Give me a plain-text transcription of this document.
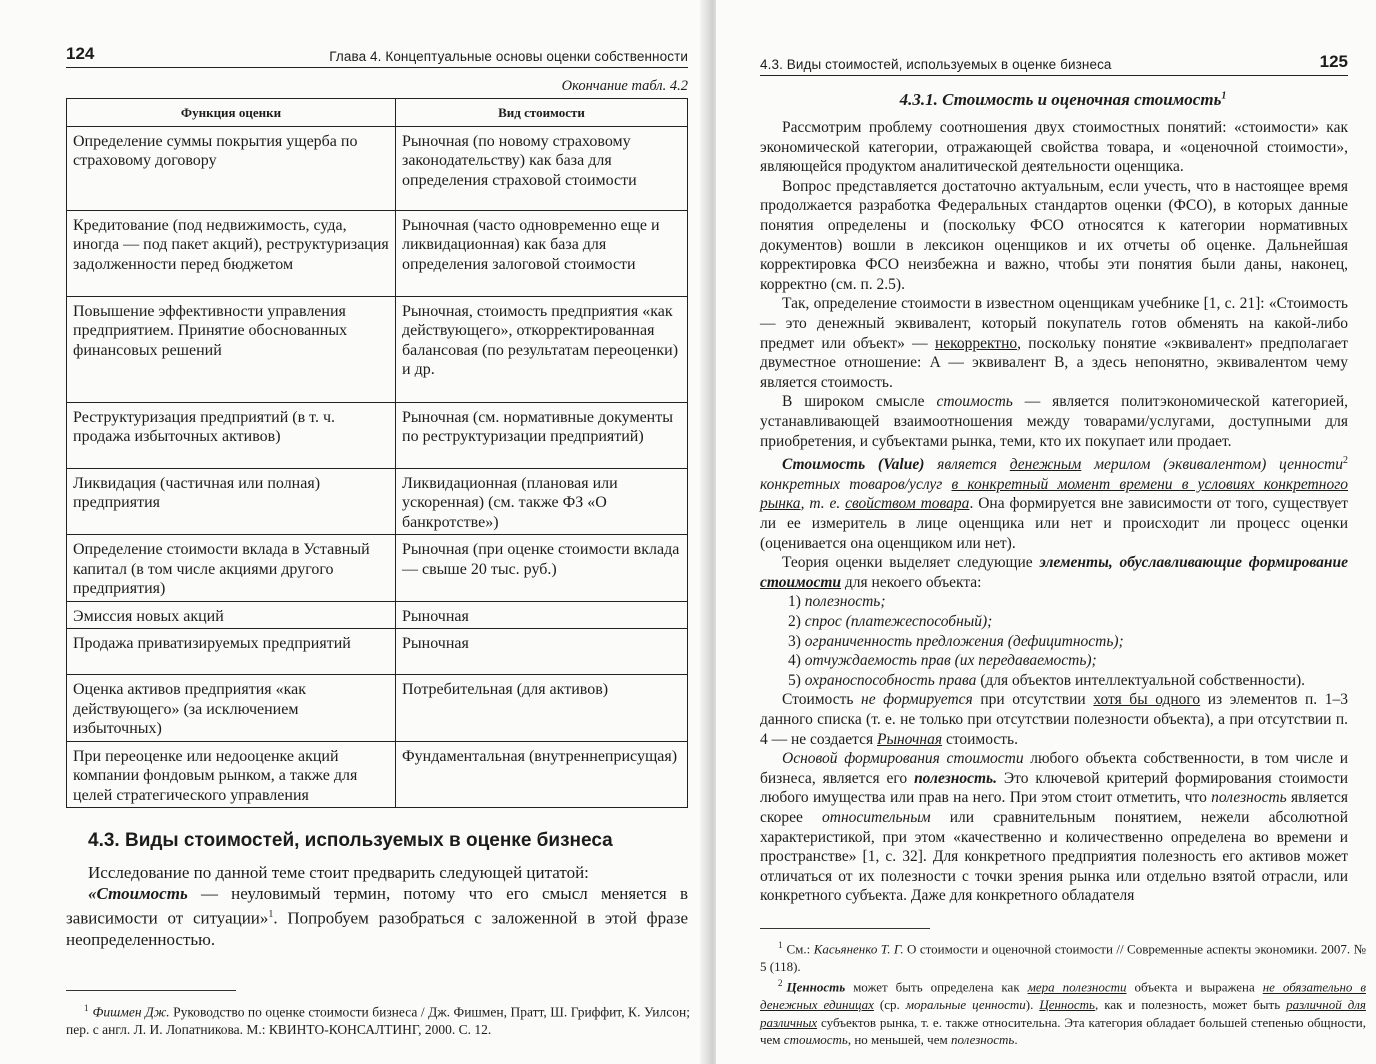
124	Глава 4. Концептуальные основы оценки собственности
Окончание табл. 4.2
Функция оценки	Вид стоимости
Определение суммы покрытия ущерба по страховому договору	Рыночная (по новому страховому законодательству) как база для определения страховой стоимости
Кредитование (под недвижимость, суда, иногда — под пакет акций), реструктуризация задолженности перед бюджетом	Рыночная (часто одновременно еще и ликвидационная) как база для определения залоговой стоимости
Повышение эффективности управления предприятием. Принятие обоснованных финансовых решений	Рыночная, стоимость предприятия «как действующего», откорректированная балансовая (по результатам переоценки) и др.
Реструктуризация предприятий (в т. ч. продажа избыточных активов)	Рыночная (см. нормативные документы по реструктуризации предприятий)
Ликвидация (частичная или полная) предприятия	Ликвидационная (плановая или ускоренная) (см. также ФЗ «О банкротстве»)
Определение стоимости вклада в Уставный капитал (в том числе акциями другого предприятия)	Рыночная (при оценке стоимости вклада — свыше 20 тыс. руб.)
Эмиссия новых акций	Рыночная
Продажа приватизируемых предприятий	Рыночная
Оценка активов предприятия «как действующего» (за исключением избыточных)	Потребительная (для активов)
При переоценке или недооценке акций компании фондовым рынком, а также для целей стратегического управления	Фундаментальная (внутреннеприсущая)
4.3. Виды стоимостей, используемых в оценке бизнеса

Исследование по данной теме стоит предварить следующей цитатой:

«Стоимость — неуловимый термин, потому что его смысл меняется в зависимости от ситуации»$^1$. Попробуем разобраться с заложенной в этой фразе неопределенностью.

$^1$ Фишмен Дж. Руководство по оценке стоимости бизнеса / Дж. Фишмен, Пратт, Ш. Гриффит, К. Уилсон; пер. с англ. Л. И. Лопатникова. М.: КВИНТО-КОНСАЛТИНГ, 2000. С. 12.

4.3. Виды стоимостей, используемых в оценке бизнеса	125
4.3.1. Стоимость и оценочная стоимость$^1$

Рассмотрим проблему соотношения двух стоимостных понятий: «стоимости» как экономической категории, отражающей свойства товара, и «оценочной стоимости», являющейся продуктом аналитической деятельности оценщика.

Вопрос представляется достаточно актуальным, если учесть, что в настоящее время продолжается разработка Федеральных стандартов оценки (ФСО), в которых данные понятия определены и (поскольку ФСО относятся к категории нормативных документов) вошли в лексикон оценщиков и их отчеты об оценке. Дальнейшая корректировка ФСО неизбежна и важно, чтобы эти понятия были даны, наконец, корректно (см. п. 2.5).

Так, определение стоимости в известном оценщикам учебнике [1, с. 21]: «Стоимость — это денежный эквивалент, который покупатель готов обменять на какой-либо предмет или объект» — некорректно, поскольку понятие «эквивалент» предполагает двуместное отношение: A — эквивалент B, а здесь непонятно, эквивалентом чему является стоимость.

В широком смысле стоимость — является политэкономической категорией, устанавливающей взаимоотношения между товарами/услугами, доступными для приобретения, и субъектами рынка, теми, кто их покупает или продает.

Стоимость (Value) является денежным мерилом (эквивалентом) ценности$^2$ конкретных товаров/услуг в конкретный момент времени в условиях конкретного рынка, т. е. свойством товара. Она формируется вне зависимости от того, существует ли ее измеритель в лице оценщика или нет и происходит ли процесс оценки (оценивается она оценщиком или нет).

Теория оценки выделяет следующие элементы, обуславливающие формирование стоимости для некоего объекта:

1) полезность;
2) спрос (платежеспособный);
3) ограниченность предложения (дефицитность);
4) отчуждаемость прав (их передаваемость);
5) охраноспособность права (для объектов интеллектуальной собственности).

Стоимость не формируется при отсутствии хотя бы одного из элементов п. 1–3 данного списка (т. е. не только при отсутствии полезности объекта), а при отсутствии п. 4 — не создается Рыночная стоимость.

Основой формирования стоимости любого объекта собственности, в том числе и бизнеса, является его полезность. Это ключевой критерий формирования стоимости любого имущества или прав на него. При этом стоит отметить, что полезность является скорее относительным или сравнительным понятием, нежели абсолютной характеристикой, при этом «качественно и количественно определена во времени и пространстве» [1, с. 32]. Для конкретного предприятия полезность его активов может отличаться от их полезности с точки зрения рынка или отдельно взятой отрасли, или конкретного субъекта. Даже для конкретного обладателя

$^1$ См.: Касьяненко Т. Г. О стоимости и оценочной стоимости // Современные аспекты экономики. 2007. № 5 (118).

$^2$ Ценность может быть определена как мера полезности объекта и выражена не обязательно в денежных единицах (ср. моральные ценности). Ценность, как и полезность, может быть различной для различных субъектов рынка, т. е. также относительна. Эта категория обладает большей степенью общности, чем стоимость, но меньшей, чем полезность.
